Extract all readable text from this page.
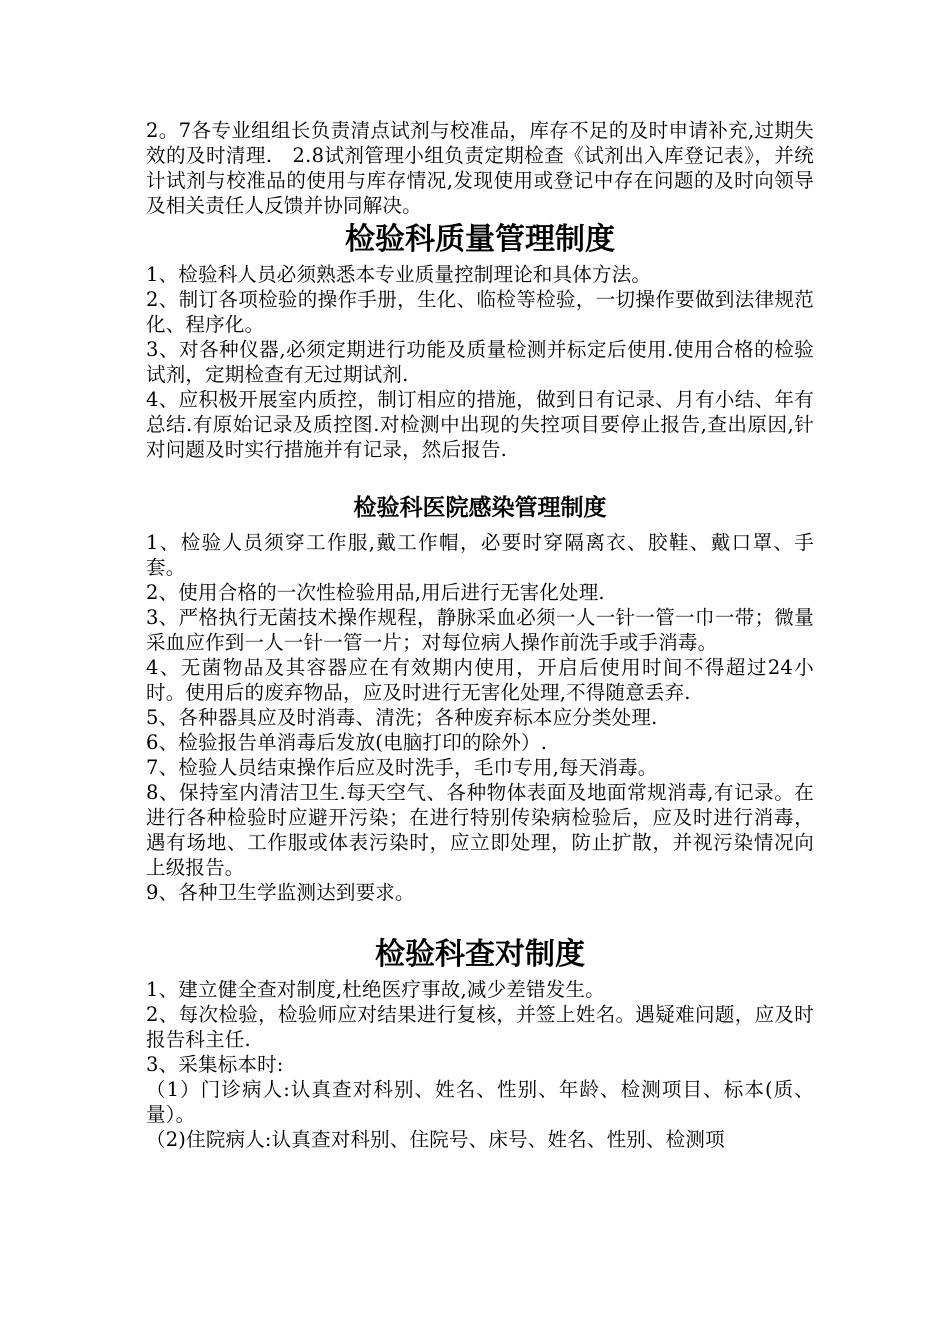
2。7各专业组组长负责清点试剂与校准品，库存不足的及时申请补充,过期失效的及时清理.　2.8试剂管理小组负责定期检查《试剂出入库登记表》，并统计试剂与校准品的使用与库存情况,发现使用或登记中存在问题的及时向领导及相关责任人反馈并协同解决。

检验科质量管理制度

1、检验科人员必须熟悉本专业质量控制理论和具体方法。

2、制订各项检验的操作手册，生化、临检等检验，一切操作要做到法律规范化、程序化。

3、对各种仪器,必须定期进行功能及质量检测并标定后使用.使用合格的检验试剂，定期检查有无过期试剂.

4、应积极开展室内质控，制订相应的措施，做到日有记录、月有小结、年有总结.有原始记录及质控图.对检测中出现的失控项目要停止报告,查出原因,针对问题及时实行措施并有记录，然后报告.

检验科医院感染管理制度

1、检验人员须穿工作服,戴工作帽，必要时穿隔离衣、胶鞋、戴口罩、手套。

2、使用合格的一次性检验用品,用后进行无害化处理.

3、严格执行无菌技术操作规程，静脉采血必须一人一针一管一巾一带；微量采血应作到一人一针一管一片；对每位病人操作前洗手或手消毒。

4、无菌物品及其容器应在有效期内使用，开启后使用时间不得超过24小时。使用后的废弃物品，应及时进行无害化处理,不得随意丢弃.

5、各种器具应及时消毒、清洗；各种废弃标本应分类处理.

6、检验报告单消毒后发放(电脑打印的除外）.

7、检验人员结束操作后应及时洗手，毛巾专用,每天消毒。

8、保持室内清洁卫生.每天空气、各种物体表面及地面常规消毒,有记录。在进行各种检验时应避开污染；在进行特别传染病检验后，应及时进行消毒，遇有场地、工作服或体表污染时，应立即处理，防止扩散，并视污染情况向上级报告。

9、各种卫生学监测达到要求。

检验科查对制度

1、建立健全查对制度,杜绝医疗事故,减少差错发生。

2、每次检验，检验师应对结果进行复核，并签上姓名。遇疑难问题，应及时报告科主任.

3、采集标本时:

（1）门诊病人:认真查对科别、姓名、性别、年龄、检测项目、标本(质、量）。

（2)住院病人:认真查对科别、住院号、床号、姓名、性别、检测项
